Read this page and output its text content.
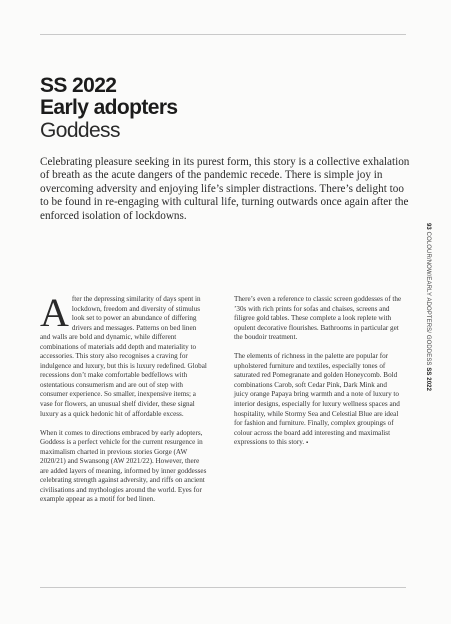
SS 2022
Early adopters
Goddess
Celebrating pleasure seeking in its purest form, this story is a collective exhalation of breath as the acute dangers of the pandemic recede. There is simple joy in overcoming adversity and enjoying life’s simpler distractions. There’s delight too to be found in re-engaging with cultural life, turning outwards once again after the enforced isolation of lockdowns.

After the depressing similarity of days spent in lockdown, freedom and diversity of stimulus look set to power an abundance of differing drivers and messages. Patterns on bed linen and walls are bold and dynamic, while different combinations of materials add depth and materiality to accessories. This story also recognises a craving for indulgence and luxury, but this is luxury redefined. Global recessions don’t make comfortable bedfellows with ostentatious consumerism and are out of step with consumer experience. So smaller, inexpensive items; a vase for flowers, an unusual shelf divider, these signal luxury as a quick hedonic hit of affordable excess.

When it comes to directions embraced by early adopters, Goddess is a perfect vehicle for the current resurgence in maximalism charted in previous stories Gorge (AW 2020/21) and Swansong (AW 2021/22). However, there are added layers of meaning, informed by inner goddesses celebrating strength against adversity, and riffs on ancient civilisations and mythologies around the world. Eyes for example appear as a motif for bed linen.

There’s even a reference to classic screen goddesses of the ’30s with rich prints for sofas and chaises, screens and filigree gold tables. These complete a look replete with opulent decorative flourishes. Bathrooms in particular get the boudoir treatment.

The elements of richness in the palette are popular for upholstered furniture and textiles, especially tones of saturated red Pomegranate and golden Honeycomb. Bold combinations Carob, soft Cedar Pink, Dark Mink and juicy orange Papaya bring warmth and a note of luxury to interior designs, especially for luxury wellness spaces and hospitality, while Stormy Sea and Celestial Blue are ideal for fashion and furniture. Finally, complex groupings of colour across the board add interesting and maximalist expressions to this story. ▪

93 COLOUR/NOW/EARLY ADOPTERS/ GODDESS SS 2022
